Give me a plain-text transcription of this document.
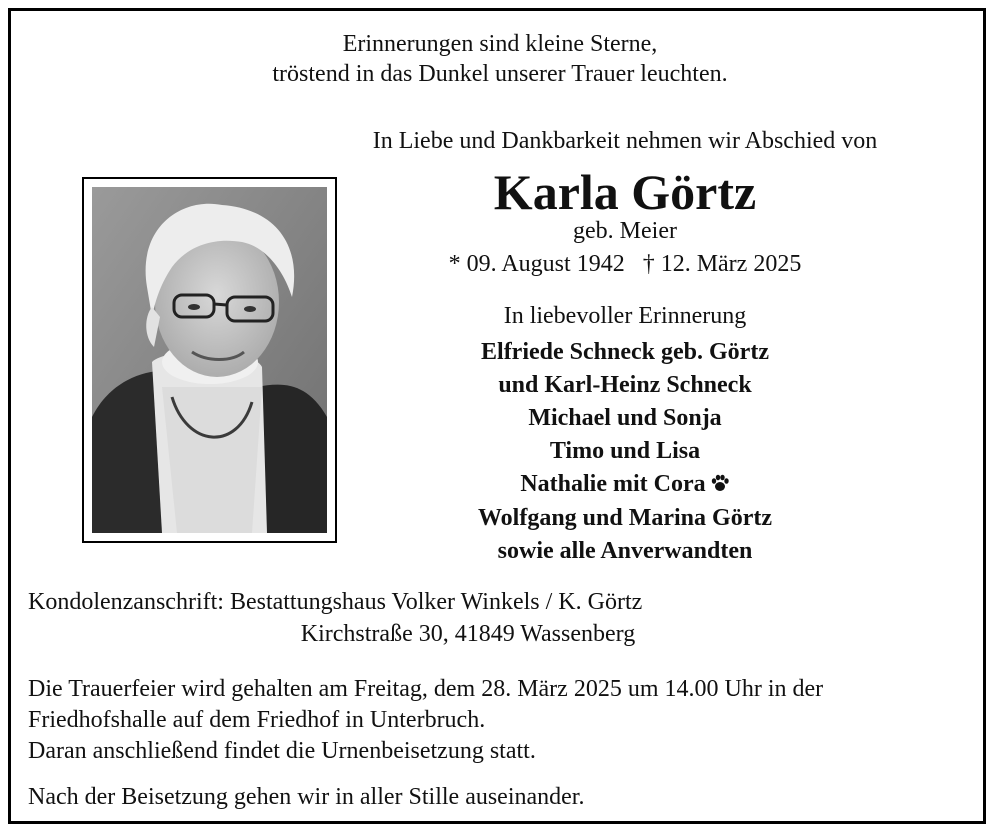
Erinnerungen sind kleine Sterne,
tröstend in das Dunkel unserer Trauer leuchten.
In Liebe und Dankbarkeit nehmen wir Abschied von
Karla Görtz
geb. Meier
* 09. August 1942 † 12. März 2025
In liebevoller Erinnerung
Elfriede Schneck geb. Görtz
und Karl-Heinz Schneck
Michael und Sonja
Timo und Lisa
Nathalie mit Cora
Wolfgang und Marina Görtz
sowie alle Anverwandten
Kondolenzanschrift: Bestattungshaus Volker Winkels / K. Görtz
Kirchstraße 30, 41849 Wassenberg
Die Trauerfeier wird gehalten am Freitag, dem 28. März 2025 um 14.00 Uhr in der
Friedhofshalle auf dem Friedhof in Unterbruch.
Daran anschließend findet die Urnenbeisetzung statt.
Nach der Beisetzung gehen wir in aller Stille auseinander.
